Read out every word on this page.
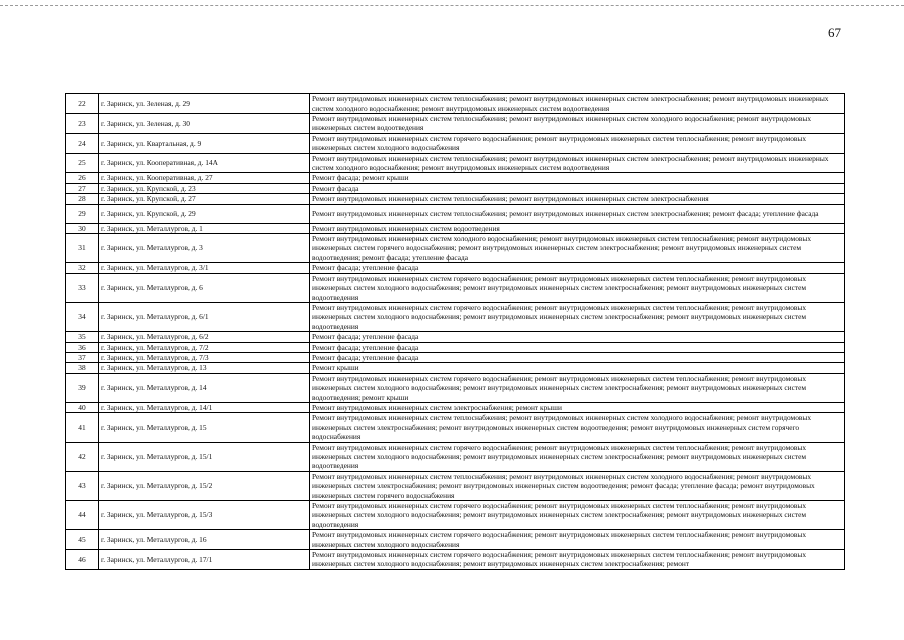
67
22	г. Заринск, ул. Зеленая, д. 29	Ремонт внутридомовых инженерных систем теплоснабжения; ремонт внутридомовых инженерных систем электроснабжения; ремонт внутридомовых инженерных систем холодного водоснабжения; ремонт внутридомовых инженерных систем водоотведения
23	г. Заринск, ул. Зеленая, д. 30	Ремонт внутридомовых инженерных систем теплоснабжения; ремонт внутридомовых инженерных систем холодного водоснабжения; ремонт внутридомовых инженерных систем водоотведения
24	г. Заринск, ул. Квартальная, д. 9	Ремонт внутридомовых инженерных систем горячего водоснабжения; ремонт внутридомовых инженерных систем теплоснабжения; ремонт внутридомовых инженерных систем холодного водоснабжения
25	г. Заринск, ул. Кооперативная, д. 14А	Ремонт внутридомовых инженерных систем теплоснабжения; ремонт внутридомовых инженерных систем электроснабжения; ремонт внутридомовых инженерных систем холодного водоснабжения; ремонт внутридомовых инженерных систем водоотведения
26	г. Заринск, ул. Кооперативная, д. 27	Ремонт фасада; ремонт крыши
27	г. Заринск, ул. Крупской, д. 23	Ремонт фасада
28	г. Заринск, ул. Крупской, д. 27	Ремонт внутридомовых инженерных систем теплоснабжения; ремонт внутридомовых инженерных систем электроснабжения
29	г. Заринск, ул. Крупской, д. 29	Ремонт внутридомовых инженерных систем теплоснабжения; ремонт внутридомовых инженерных систем электроснабжения; ремонт фасада; утепление фасада
30	г. Заринск, ул. Металлургов, д. 1	Ремонт внутридомовых инженерных систем водоотведения
31	г. Заринск, ул. Металлургов, д. 3	Ремонт внутридомовых инженерных систем холодного водоснабжения; ремонт внутридомовых инженерных систем теплоснабжения; ремонт внутридомовых инженерных систем горячего водоснабжения; ремонт внутридомовых инженерных систем электроснабжения; ремонт внутридомовых инженерных систем водоотведения; ремонт фасада; утепление фасада
32	г. Заринск, ул. Металлургов, д. 3/1	Ремонт фасада; утепление фасада
33	г. Заринск, ул. Металлургов, д. 6	Ремонт внутридомовых инженерных систем горячего водоснабжения; ремонт внутридомовых инженерных систем теплоснабжения; ремонт внутридомовых инженерных систем холодного водоснабжения; ремонт внутридомовых инженерных систем электроснабжения; ремонт внутридомовых инженерных систем водоотведения
34	г. Заринск, ул. Металлургов, д. 6/1	Ремонт внутридомовых инженерных систем горячего водоснабжения; ремонт внутридомовых инженерных систем теплоснабжения; ремонт внутридомовых инженерных систем холодного водоснабжения; ремонт внутридомовых инженерных систем электроснабжения; ремонт внутридомовых инженерных систем водоотведения
35	г. Заринск, ул. Металлургов, д. 6/2	Ремонт фасада; утепление фасада
36	г. Заринск, ул. Металлургов, д. 7/2	Ремонт фасада; утепление фасада
37	г. Заринск, ул. Металлургов, д. 7/3	Ремонт фасада; утепление фасада
38	г. Заринск, ул. Металлургов, д. 13	Ремонт крыши
39	г. Заринск, ул. Металлургов, д. 14	Ремонт внутридомовых инженерных систем горячего водоснабжения; ремонт внутридомовых инженерных систем теплоснабжения; ремонт внутридомовых инженерных систем холодного водоснабжения; ремонт внутридомовых инженерных систем электроснабжения; ремонт внутридомовых инженерных систем водоотведения; ремонт крыши
40	г. Заринск, ул. Металлургов, д. 14/1	Ремонт внутридомовых инженерных систем электроснабжения; ремонт крыши
41	г. Заринск, ул. Металлургов, д. 15	Ремонт внутридомовых инженерных систем теплоснабжения; ремонт внутридомовых инженерных систем холодного водоснабжения; ремонт внутридомовых инженерных систем электроснабжения; ремонт внутридомовых инженерных систем водоотведения; ремонт внутридомовых инженерных систем горячего водоснабжения
42	г. Заринск, ул. Металлургов, д. 15/1	Ремонт внутридомовых инженерных систем горячего водоснабжения; ремонт внутридомовых инженерных систем теплоснабжения; ремонт внутридомовых инженерных систем холодного водоснабжения; ремонт внутридомовых инженерных систем электроснабжения; ремонт внутридомовых инженерных систем водоотведения
43	г. Заринск, ул. Металлургов, д. 15/2	Ремонт внутридомовых инженерных систем теплоснабжения; ремонт внутридомовых инженерных систем холодного водоснабжения; ремонт внутридомовых инженерных систем электроснабжения; ремонт внутридомовых инженерных систем водоотведения; ремонт фасада; утепление фасада; ремонт внутридомовых инженерных систем горячего водоснабжения
44	г. Заринск, ул. Металлургов, д. 15/3	Ремонт внутридомовых инженерных систем горячего водоснабжения; ремонт внутридомовых инженерных систем теплоснабжения; ремонт внутридомовых инженерных систем холодного водоснабжения; ремонт внутридомовых инженерных систем электроснабжения; ремонт внутридомовых инженерных систем водоотведения
45	г. Заринск, ул. Металлургов, д. 16	Ремонт внутридомовых инженерных систем горячего водоснабжения; ремонт внутридомовых инженерных систем теплоснабжения; ремонт внутридомовых инженерных систем холодного водоснабжения
46	г. Заринск, ул. Металлургов, д. 17/1	Ремонт внутридомовых инженерных систем горячего водоснабжения; ремонт внутридомовых инженерных систем теплоснабжения; ремонт внутридомовых инженерных систем холодного водоснабжения; ремонт внутридомовых инженерных систем электроснабжения; ремонт
